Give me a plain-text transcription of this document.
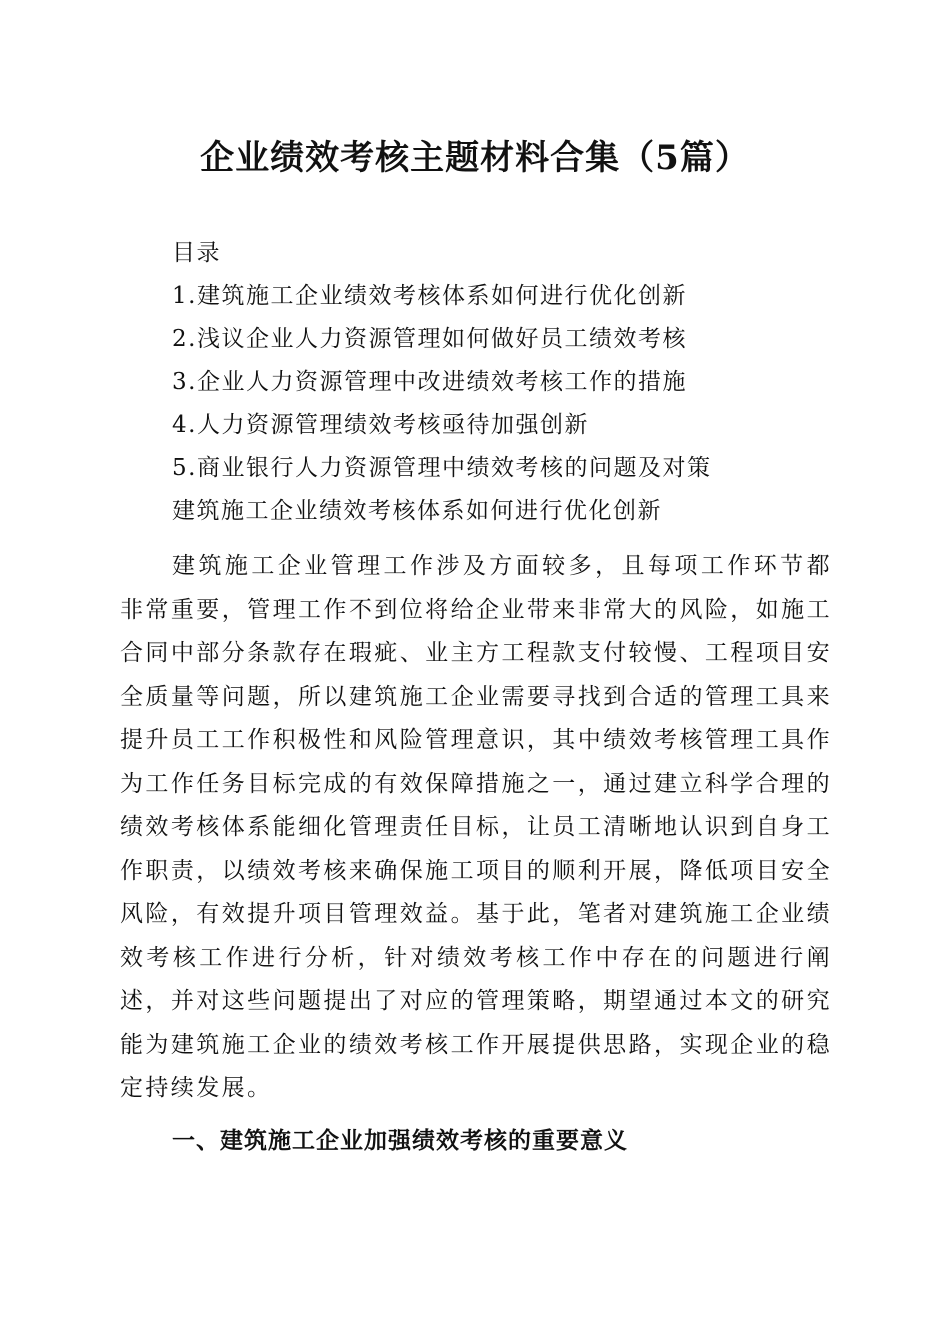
企业绩效考核主题材料合集（5篇）
目录
1.建筑施工企业绩效考核体系如何进行优化创新
2.浅议企业人力资源管理如何做好员工绩效考核
3.企业人力资源管理中改进绩效考核工作的措施
4.人力资源管理绩效考核亟待加强创新
5.商业银行人力资源管理中绩效考核的问题及对策
建筑施工企业绩效考核体系如何进行优化创新

建筑施工企业管理工作涉及方面较多，且每项工作环节都非常重要，管理工作不到位将给企业带来非常大的风险，如施工合同中部分条款存在瑕疵、业主方工程款支付较慢、工程项目安全质量等问题，所以建筑施工企业需要寻找到合适的管理工具来提升员工工作积极性和风险管理意识，其中绩效考核管理工具作为工作任务目标完成的有效保障措施之一，通过建立科学合理的绩效考核体系能细化管理责任目标，让员工清晰地认识到自身工作职责，以绩效考核来确保施工项目的顺利开展，降低项目安全风险，有效提升项目管理效益。基于此，笔者对建筑施工企业绩效考核工作进行分析，针对绩效考核工作中存在的问题进行阐述，并对这些问题提出了对应的管理策略，期望通过本文的研究能为建筑施工企业的绩效考核工作开展提供思路，实现企业的稳定持续发展。

一、建筑施工企业加强绩效考核的重要意义
